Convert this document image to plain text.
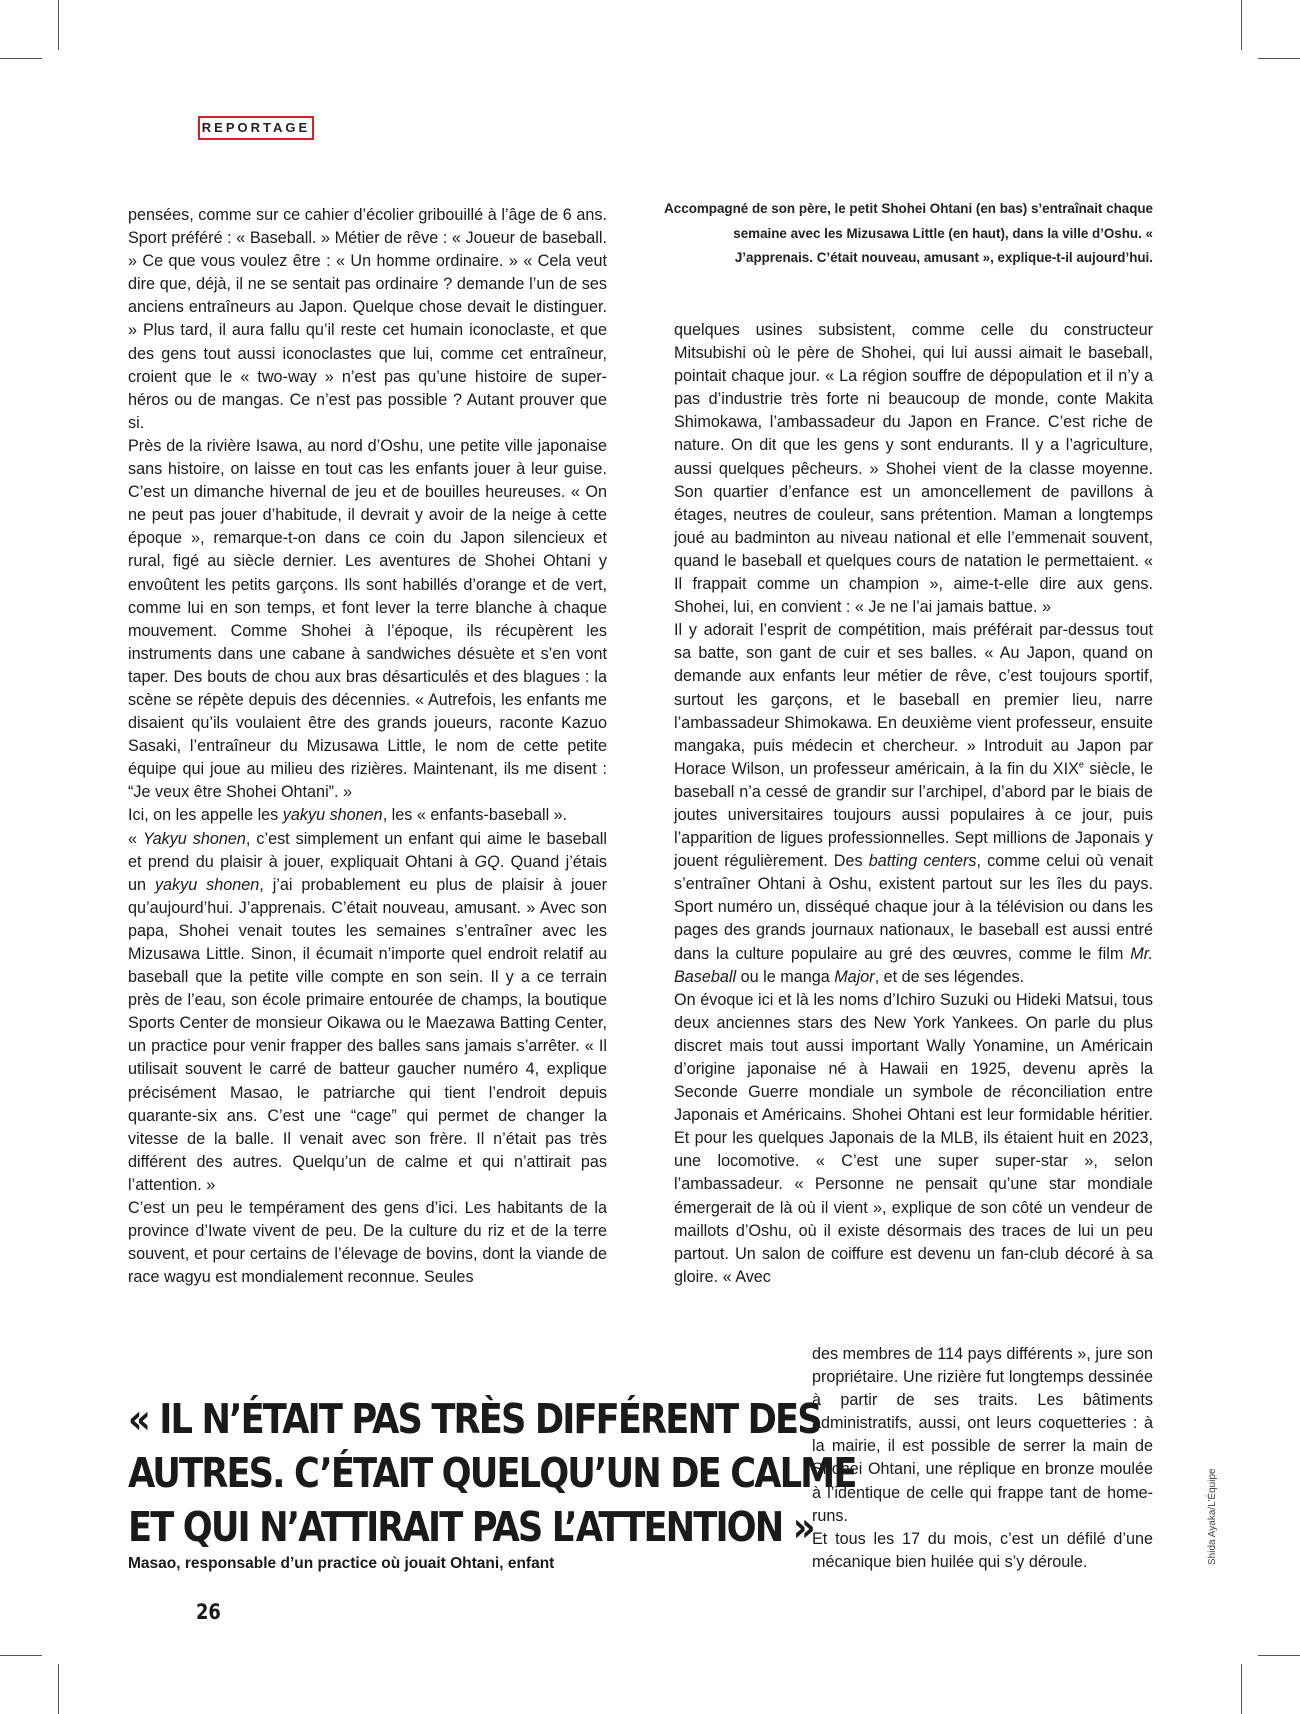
REPORTAGE
Accompagné de son père, le petit Shohei Ohtani (en bas) s’entraînait chaque semaine avec les Mizusawa Little (en haut), dans la ville d’Oshu. « J’apprenais. C’était nouveau, amusant », explique-t-il aujourd’hui.

pensées, comme sur ce cahier d’écolier gribouillé à l’âge de 6 ans. Sport préféré : « Baseball. » Métier de rêve : « Joueur de baseball. » Ce que vous voulez être : « Un homme ordinaire. » « Cela veut dire que, déjà, il ne se sentait pas ordinaire ? demande l’un de ses anciens entraîneurs au Japon. Quelque chose devait le distinguer. » Plus tard, il aura fallu qu’il reste cet humain iconoclaste, et que des gens tout aussi iconoclastes que lui, comme cet entraîneur, croient que le « two-way » n’est pas qu’une histoire de super-héros ou de mangas. Ce n’est pas possible ? Autant prouver que si.

Près de la rivière Isawa, au nord d’Oshu, une petite ville japonaise sans histoire, on laisse en tout cas les enfants jouer à leur guise. C’est un dimanche hivernal de jeu et de bouilles heureuses. « On ne peut pas jouer d’habitude, il devrait y avoir de la neige à cette époque », remarque-t-on dans ce coin du Japon silencieux et rural, figé au siècle dernier. Les aventures de Shohei Ohtani y envoûtent les petits garçons. Ils sont habillés d’orange et de vert, comme lui en son temps, et font lever la terre blanche à chaque mouvement. Comme Shohei à l’époque, ils récupèrent les instruments dans une cabane à sandwiches désuète et s’en vont taper. Des bouts de chou aux bras désarticulés et des blagues : la scène se répète depuis des décennies. « Autrefois, les enfants me disaient qu’ils voulaient être des grands joueurs, raconte Kazuo Sasaki, l’entraîneur du Mizusawa Little, le nom de cette petite équipe qui joue au milieu des rizières. Maintenant, ils me disent : “Je veux être Shohei Ohtani”. »

Ici, on les appelle les yakyu shonen, les « enfants-baseball ».

« Yakyu shonen, c’est simplement un enfant qui aime le baseball et prend du plaisir à jouer, expliquait Ohtani à GQ. Quand j’étais un yakyu shonen, j’ai probablement eu plus de plaisir à jouer qu’aujourd’hui. J’apprenais. C’était nouveau, amusant. » Avec son papa, Shohei venait toutes les semaines s’entraîner avec les Mizusawa Little. Sinon, il écumait n’importe quel endroit relatif au baseball que la petite ville compte en son sein. Il y a ce terrain près de l’eau, son école primaire entourée de champs, la boutique Sports Center de monsieur Oikawa ou le Maezawa Batting Center, un practice pour venir frapper des balles sans jamais s’arrêter. « Il utilisait souvent le carré de batteur gaucher numéro 4, explique précisément Masao, le patriarche qui tient l’endroit depuis quarante-six ans. C’est une “cage” qui permet de changer la vitesse de la balle. Il venait avec son frère. Il n’était pas très différent des autres. Quelqu’un de calme et qui n’attirait pas l’attention. »

C’est un peu le tempérament des gens d’ici. Les habitants de la province d’Iwate vivent de peu. De la culture du riz et de la terre souvent, et pour certains de l’élevage de bovins, dont la viande de race wagyu est mondialement reconnue. Seules

quelques usines subsistent, comme celle du constructeur Mitsubishi où le père de Shohei, qui lui aussi aimait le baseball, pointait chaque jour. « La région souffre de dépopulation et il n’y a pas d’industrie très forte ni beaucoup de monde, conte Makita Shimokawa, l’ambassadeur du Japon en France. C’est riche de nature. On dit que les gens y sont endurants. Il y a l’agriculture, aussi quelques pêcheurs. » Shohei vient de la classe moyenne. Son quartier d’enfance est un amoncellement de pavillons à étages, neutres de couleur, sans prétention. Maman a longtemps joué au badminton au niveau national et elle l’emmenait souvent, quand le baseball et quelques cours de natation le permettaient. « Il frappait comme un champion », aime-t-elle dire aux gens. Shohei, lui, en convient : « Je ne l’ai jamais battue. »

Il y adorait l’esprit de compétition, mais préférait par-dessus tout sa batte, son gant de cuir et ses balles. « Au Japon, quand on demande aux enfants leur métier de rêve, c’est toujours sportif, surtout les garçons, et le baseball en premier lieu, narre l’ambassadeur Shimokawa. En deuxième vient professeur, ensuite mangaka, puis médecin et chercheur. » Introduit au Japon par Horace Wilson, un professeur américain, à la fin du XIXe siècle, le baseball n’a cessé de grandir sur l’archipel, d’abord par le biais de joutes universitaires toujours aussi populaires à ce jour, puis l’apparition de ligues professionnelles. Sept millions de Japonais y jouent régulièrement. Des batting centers, comme celui où venait s’entraîner Ohtani à Oshu, existent partout sur les îles du pays. Sport numéro un, disséqué chaque jour à la télévision ou dans les pages des grands journaux nationaux, le baseball est aussi entré dans la culture populaire au gré des œuvres, comme le film Mr. Baseball ou le manga Major, et de ses légendes.

On évoque ici et là les noms d’Ichiro Suzuki ou Hideki Matsui, tous deux anciennes stars des New York Yankees. On parle du plus discret mais tout aussi important Wally Yonamine, un Américain d’origine japonaise né à Hawaii en 1925, devenu après la Seconde Guerre mondiale un symbole de réconciliation entre Japonais et Américains. Shohei Ohtani est leur formidable héritier. Et pour les quelques Japonais de la MLB, ils étaient huit en 2023, une locomotive. « C’est une super super-star », selon l’ambassadeur. « Personne ne pensait qu’une star mondiale émergerait de là où il vient », explique de son côté un vendeur de maillots d’Oshu, où il existe désormais des traces de lui un peu partout. Un salon de coiffure est devenu un fan-club décoré à sa gloire. « Avec

des membres de 114 pays différents », jure son propriétaire. Une rizière fut longtemps dessinée à partir de ses traits. Les bâtiments administratifs, aussi, ont leurs coquetteries : à la mairie, il est possible de serrer la main de Shohei Ohtani, une réplique en bronze moulée à l’identique de celle qui frappe tant de home-runs.

Et tous les 17 du mois, c’est un défilé d’une mécanique bien huilée qui s’y déroule.

« IL N’ÉTAIT PAS TRÈS DIFFÉRENT DES
AUTRES. C’ÉTAIT QUELQU’UN DE CALME
ET QUI N’ATTIRAIT PAS L’ATTENTION »
Masao, responsable d’un practice où jouait Ohtani, enfant
26
Shida Ayaka/L’Équipe
